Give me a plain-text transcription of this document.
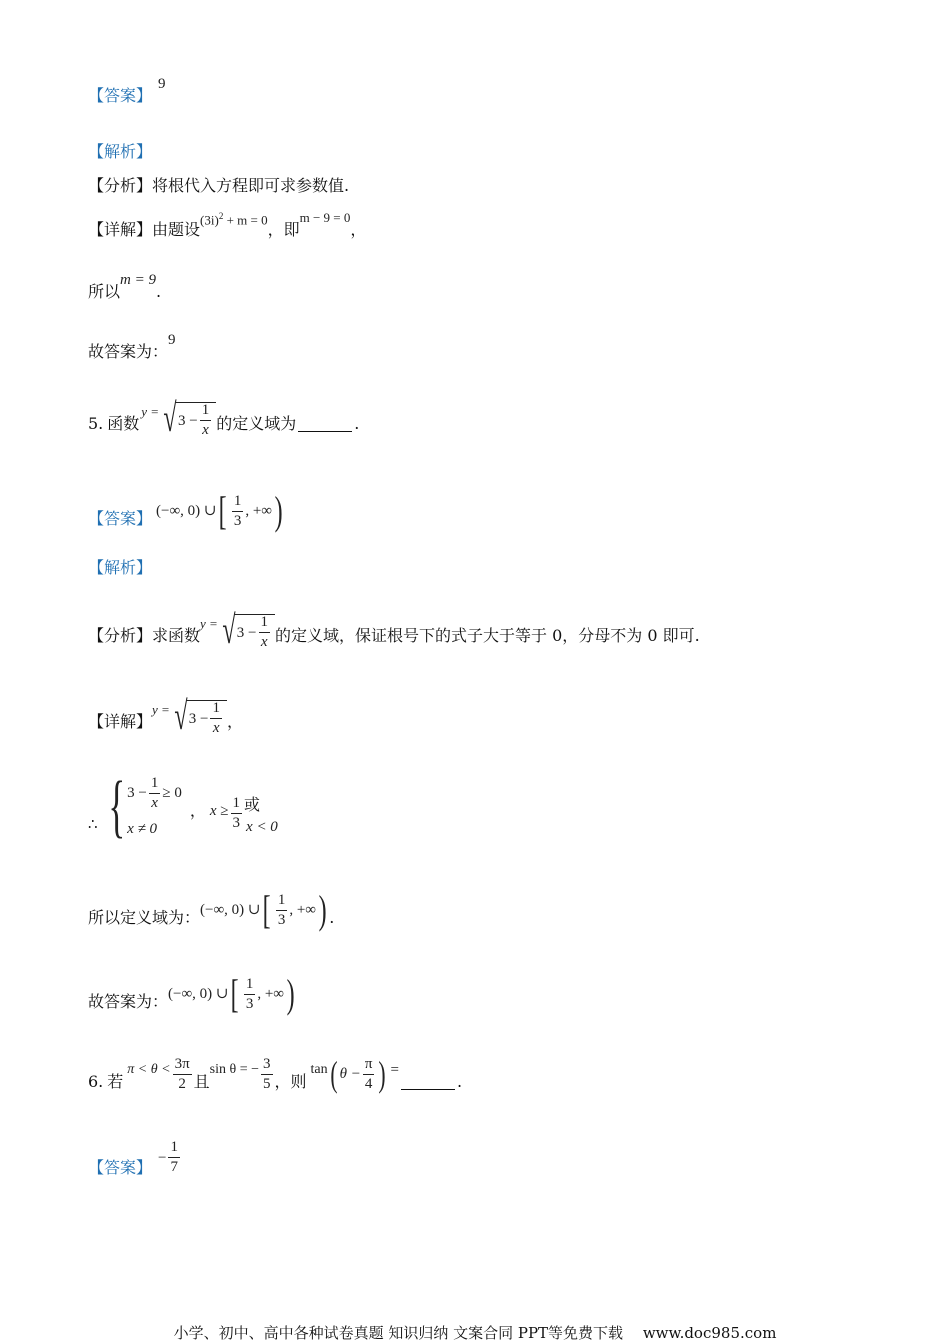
【答案】
9
【解析】
【分析】 将根代入方程即可求参数值.
【详解】 由题设
$(3i)^2 + m = 0$
，即
m − 9 = 0
，
所以
m = 9
.
故答案为：
9
5. 函数
y = √ $3 - \frac{1}{x}$ 的定义域为	.
【答案】 (−∞, 0) ∪ [ $\frac{1}{3}$ , +∞ )
【解析】
【分析】 求函数
y = √ $3 - \frac{1}{x}$ 的定义域，保证根号下的式子大于等于 0，分母不为 0 即可.
【详解】
y = √ $3 - \frac{1}{x}$ ，
∴ { $3 - \frac{1}{x} \ge 0$
x ≠ 0
， $x \ge \frac{1}{3}$ 或
x < 0
所以定义域为： (−∞, 0) ∪ [ $\frac{1}{3}$ , +∞ ) .
故答案为： (−∞, 0) ∪ [ $\frac{1}{3}$ , +∞ )
6. 若
$\pi < \theta < \frac{3\pi}{2}$ 且
sin θ = − $\frac{3}{5}$ ，则
tan ( $\theta - \frac{\pi}{4}$ ) =
.
【答案】 − $\frac{1}{7}$
小学、初中、高中各种试卷真题 知识归纳 文案合同 PPT等免费下载　 www.doc985.com
